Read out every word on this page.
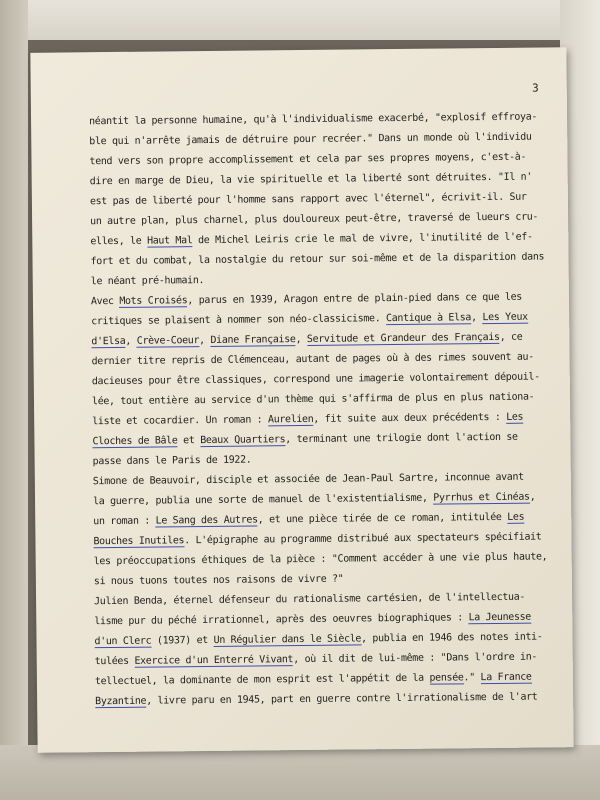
3
néantit la personne humaine, qu'à l'individualisme exacerbé, "explosif effroya-
ble qui n'arrête jamais de détruire pour recréer." Dans un monde où l'individu
tend vers son propre accomplissement et cela par ses propres moyens, c'est-à-
dire en marge de Dieu, la vie spirituelle et la liberté sont détruites. "Il n'
est pas de liberté pour l'homme sans rapport avec l'éternel", écrivit-il. Sur
un autre plan, plus charnel, plus douloureux peut-être, traversé de lueurs cru-
elles, le Haut Mal de Michel Leiris crie le mal de vivre, l'inutilité de l'ef-
fort et du combat, la nostalgie du retour sur soi-même et de la disparition dans
le néant pré-humain.
Avec Mots Croisés, parus en 1939, Aragon entre de plain-pied dans ce que les
critiques se plaisent à nommer son néo-classicisme. Cantique à Elsa, Les Yeux
d'Elsa, Crève-Coeur, Diane Française, Servitude et Grandeur des Français, ce
dernier titre repris de Clémenceau, autant de pages où à des rimes souvent au-
dacieuses pour être classiques, correspond une imagerie volontairement dépouil-
lée, tout entière au service d'un thème qui s'affirma de plus en plus nationa-
liste et cocardier. Un roman : Aurelien, fit suite aux deux précédents : Les
Cloches de Bâle et Beaux Quartiers, terminant une trilogie dont l'action se
passe dans le Paris de 1922.
Simone de Beauvoir, disciple et associée de Jean-Paul Sartre, inconnue avant
la guerre, publia une sorte de manuel de l'existentialisme, Pyrrhus et Cinéas,
un roman : Le Sang des Autres, et une pièce tirée de ce roman, intitulée Les
Bouches Inutiles. L'épigraphe au programme distribué aux spectateurs spécifiait
les préoccupations éthiques de la pièce : "Comment accéder à une vie plus haute,
si nous tuons toutes nos raisons de vivre ?"
Julien Benda, éternel défenseur du rationalisme cartésien, de l'intellectua-
lisme pur du péché irrationnel, après des oeuvres biographiques : La Jeunesse
d'un Clerc (1937) et Un Régulier dans le Siècle, publia en 1946 des notes inti-
tulées Exercice d'un Enterré Vivant, où il dit de lui-même : "Dans l'ordre in-
tellectuel, la dominante de mon esprit est l'appétit de la pensée." La France
Byzantine, livre paru en 1945, part en guerre contre l'irrationalisme de l'art
